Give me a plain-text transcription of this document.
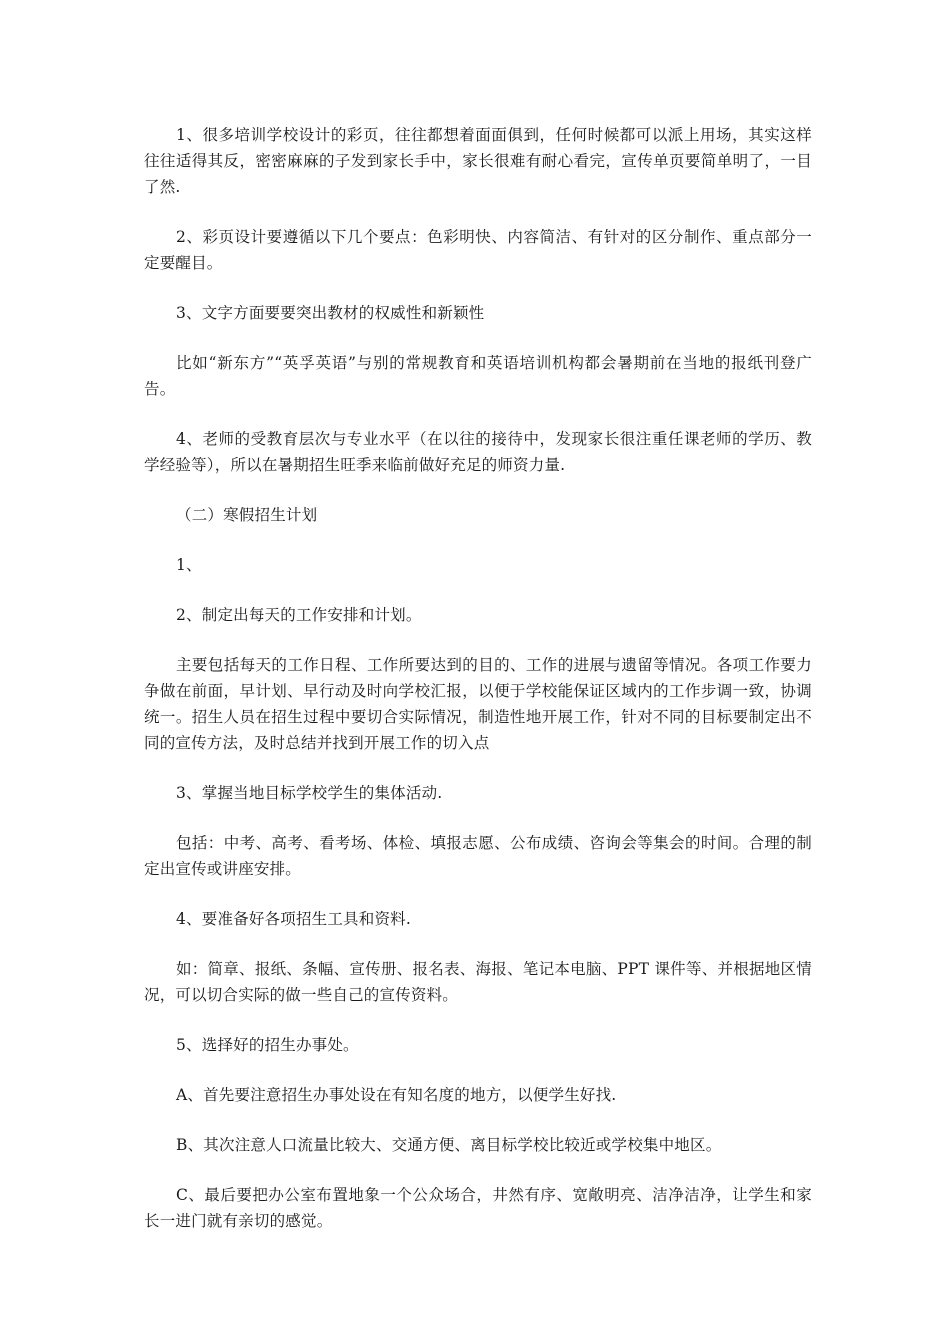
1、很多培训学校设计的彩页，往往都想着面面俱到，任何时候都可以派上用场，其实这样往往适得其反，密密麻麻的子发到家长手中，家长很难有耐心看完，宣传单页要简单明了，一目了然.

2、彩页设计要遵循以下几个要点：色彩明快、内容简洁、有针对的区分制作、重点部分一定要醒目。

3、文字方面要要突出教材的权威性和新颖性

比如“新东方”“英孚英语”与别的常规教育和英语培训机构都会暑期前在当地的报纸刊登广告。

4、老师的受教育层次与专业水平（在以往的接待中，发现家长很注重任课老师的学历、教学经验等），所以在暑期招生旺季来临前做好充足的师资力量.

（二）寒假招生计划

1、

2、制定出每天的工作安排和计划。

主要包括每天的工作日程、工作所要达到的目的、工作的进展与遗留等情况。各项工作要力争做在前面，早计划、早行动及时向学校汇报，以便于学校能保证区域内的工作步调一致，协调统一。招生人员在招生过程中要切合实际情况，制造性地开展工作，针对不同的目标要制定出不同的宣传方法，及时总结并找到开展工作的切入点

3、掌握当地目标学校学生的集体活动.

包括：中考、高考、看考场、体检、填报志愿、公布成绩、咨询会等集会的时间。合理的制定出宣传或讲座安排。

4、要准备好各项招生工具和资料.

如：简章、报纸、条幅、宣传册、报名表、海报、笔记本电脑、PPT 课件等、并根据地区情况，可以切合实际的做一些自己的宣传资料。

5、选择好的招生办事处。

A、首先要注意招生办事处设在有知名度的地方，以便学生好找.

B、其次注意人口流量比较大、交通方便、离目标学校比较近或学校集中地区。

C、最后要把办公室布置地象一个公众场合，井然有序、宽敞明亮、洁净洁净，让学生和家长一进门就有亲切的感觉。
